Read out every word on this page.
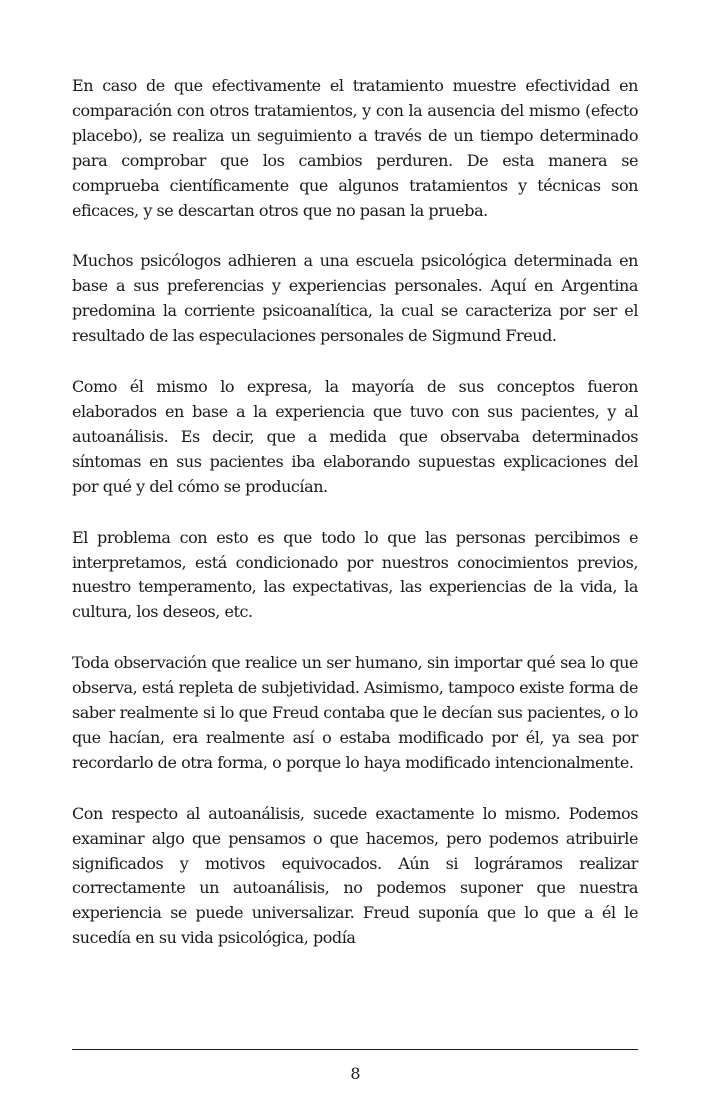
En caso de que efectivamente el tratamiento muestre efectividad en comparación con otros tratamientos, y con la ausencia del mismo (efecto placebo), se realiza un seguimiento a través de un tiempo determinado para comprobar que los cambios perduren. De esta manera se comprueba científicamente que algunos tratamientos y técnicas son eficaces, y se descartan otros que no pasan la prueba.

Muchos psicólogos adhieren a una escuela psicológica determinada en base a sus preferencias y experiencias personales. Aquí en Argentina predomina la corriente psicoanalítica, la cual se caracteriza por ser el resultado de las especulaciones personales de Sigmund Freud.

Como él mismo lo expresa, la mayoría de sus conceptos fueron elaborados en base a la experiencia que tuvo con sus pacientes, y al autoanálisis. Es decir, que a medida que observaba determinados síntomas en sus pacientes iba elaborando supuestas explicaciones del por qué y del cómo se producían.

El problema con esto es que todo lo que las personas percibimos e interpretamos, está condicionado por nuestros conocimientos previos, nuestro temperamento, las expectativas, las experiencias de la vida, la cultura, los deseos, etc.

Toda observación que realice un ser humano, sin importar qué sea lo que observa, está repleta de subjetividad. Asimismo, tampoco existe forma de saber realmente si lo que Freud contaba que le decían sus pacientes, o lo que hacían, era realmente así o estaba modificado por él, ya sea por recordarlo de otra forma, o porque lo haya modificado intencionalmente.

Con respecto al autoanálisis, sucede exactamente lo mismo. Podemos examinar algo que pensamos o que hacemos, pero podemos atribuirle significados y motivos equivocados. Aún si lográramos realizar correctamente un autoanálisis, no podemos suponer que nuestra experiencia se puede universalizar. Freud suponía que lo que a él le sucedía en su vida psicológica, podía

8
